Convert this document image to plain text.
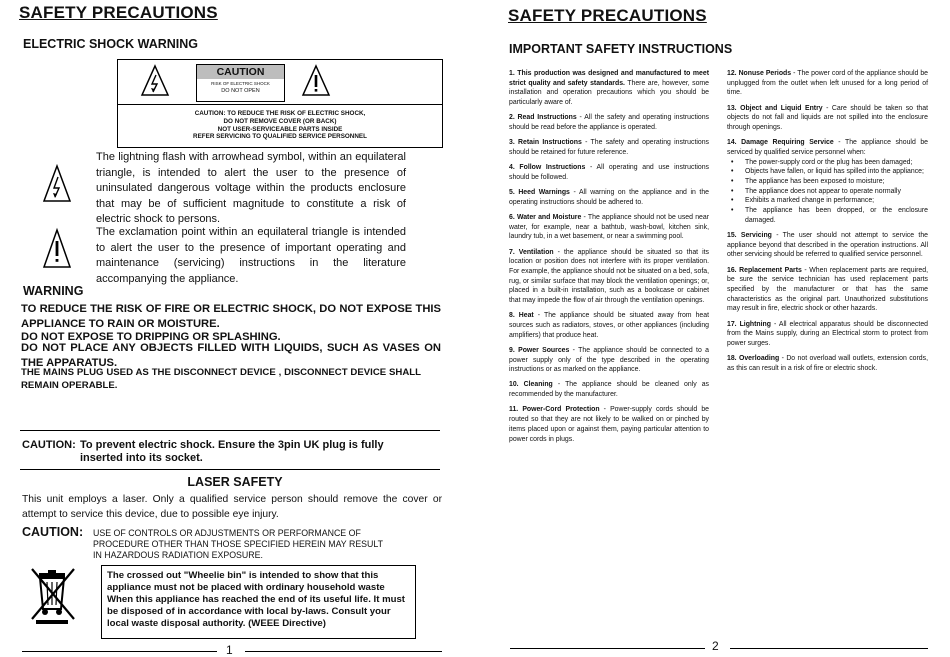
SAFETY PRECAUTIONS
ELECTRIC SHOCK WARNING
CAUTION
RISK OF ELECTRIC SHOCK
DO NOT OPEN
CAUTION: TO REDUCE THE RISK OF ELECTRIC SHOCK,
DO NOT REMOVE COVER (OR BACK)
NOT USER-SERVICEABLE PARTS INSIDE
REFER SERVICING TO QUALIFIED SERVICE PERSONNEL
The lightning flash with arrowhead symbol, within an equilateral triangle, is intended to alert the user to the presence of uninsulated dangerous voltage within the products enclosure that may be of sufficient magnitude to constitute a risk of electric shock to persons.
The exclamation point within an equilateral triangle is intended to alert the user to the presence of important operating and maintenance (servicing) instructions in the literature accompanying the appliance.
WARNING
TO REDUCE THE RISK OF FIRE OR ELECTRIC SHOCK, DO NOT EXPOSE THIS APPLIANCE TO RAIN OR MOISTURE.
DO NOT EXPOSE TO DRIPPING OR SPLASHING.
DO NOT PLACE ANY OBJECTS FILLED WITH LIQUIDS, SUCH AS VASES ON THE APPARATUS.
THE MAINS PLUG USED AS THE DISCONNECT DEVICE , DISCONNECT DEVICE SHALL REMAIN OPERABLE.
CAUTION: To prevent electric shock. Ensure the 3pin UK plug is fully
inserted into its socket.
LASER SAFETY
This unit employs a laser. Only a qualified service person should remove the cover or attempt to service this device, due to possible eye injury.
CAUTION: USE OF CONTROLS OR ADJUSTMENTS OR PERFORMANCE OF
PROCEDURE OTHER THAN THOSE SPECIFIED HEREIN MAY RESULT
IN HAZARDOUS RADIATION EXPOSURE.
The crossed out "Wheelie bin" is intended to show that this appliance must not be placed with ordinary household waste When this appliance has reached the end of its useful life. It must be disposed of in accordance with local by-laws. Consult your local waste disposal authority. (WEEE Directive)
1
SAFETY PRECAUTIONS
IMPORTANT SAFETY INSTRUCTIONS

1. This production was designed and manufactured to meet strict quality and safety standards. There are, however, some installation and operation precautions which you should be particularly aware of.

2. Read Instructions - All the safety and operating instructions should be read before the appliance is operated.

3. Retain Instructions - The safety and operating instructions should be retained for future reference.

4. Follow Instructions - All operating and use instructions should be followed.

5. Heed Warnings - All warning on the appliance and in the operating instructions should be adhered to.

6. Water and Moisture - The appliance should not be used near water, for example, near a bathtub, wash-bowl, kitchen sink, laundry tub, in a wet basement, or near a swimming pool.

7. Ventilation - the appliance should be situated so that its location or position does not interfere with its proper ventilation. For example, the appliance should not be situated on a bed, sofa, rug, or similar surface that may block the ventilation openings; or, placed in a built-in installation, such as a bookcase or cabinet that may impede the flow of air through the ventilation openings.

8. Heat - The appliance should be situated away from heat sources such as radiators, stoves, or other appliances (including amplifiers) that produce heat.

9. Power Sources - The appliance should be connected to a power supply only of the type described in the operating instructions or as marked on the appliance.

10. Cleaning - The appliance should be cleaned only as recommended by the manufacturer.

11. Power-Cord Protection - Power-supply cords should be routed so that they are not likely to be walked on or pinched by items placed upon or against them, paying particular attention to power cords in plugs.

12. Nonuse Periods - The power cord of the appliance should be unplugged from the outlet when left unused for a long period of time.

13. Object and Liquid Entry - Care should be taken so that objects do not fall and liquids are not spilled into the enclosure through openings.

14. Damage Requiring Service - The appliance should be serviced by qualified service personnel when:

• The power-supply cord or the plug has been damaged;
• Objects have fallen, or liquid has spilled into the appliance;
• The appliance has been exposed to moisture;
• The appliance does not appear to operate normally
• Exhibits a marked change in performance;
• The appliance has been dropped, or the enclosure damaged.

15. Servicing - The user should not attempt to service the appliance beyond that described in the operation instructions. All other servicing should be referred to qualified service personnel.

16. Replacement Parts - When replacement parts are required, be sure the service technician has used replacement parts specified by the manufacturer or that has the same characteristics as the original part. Unauthorized substitutions may result in fire, electric shock or other hazards.

17. Lightning - All electrical apparatus should be disconnected from the Mains supply, during an Electrical storm to protect from power surges.

18. Overloading - Do not overload wall outlets, extension cords, as this can result in a risk of fire or electric shock.

2
